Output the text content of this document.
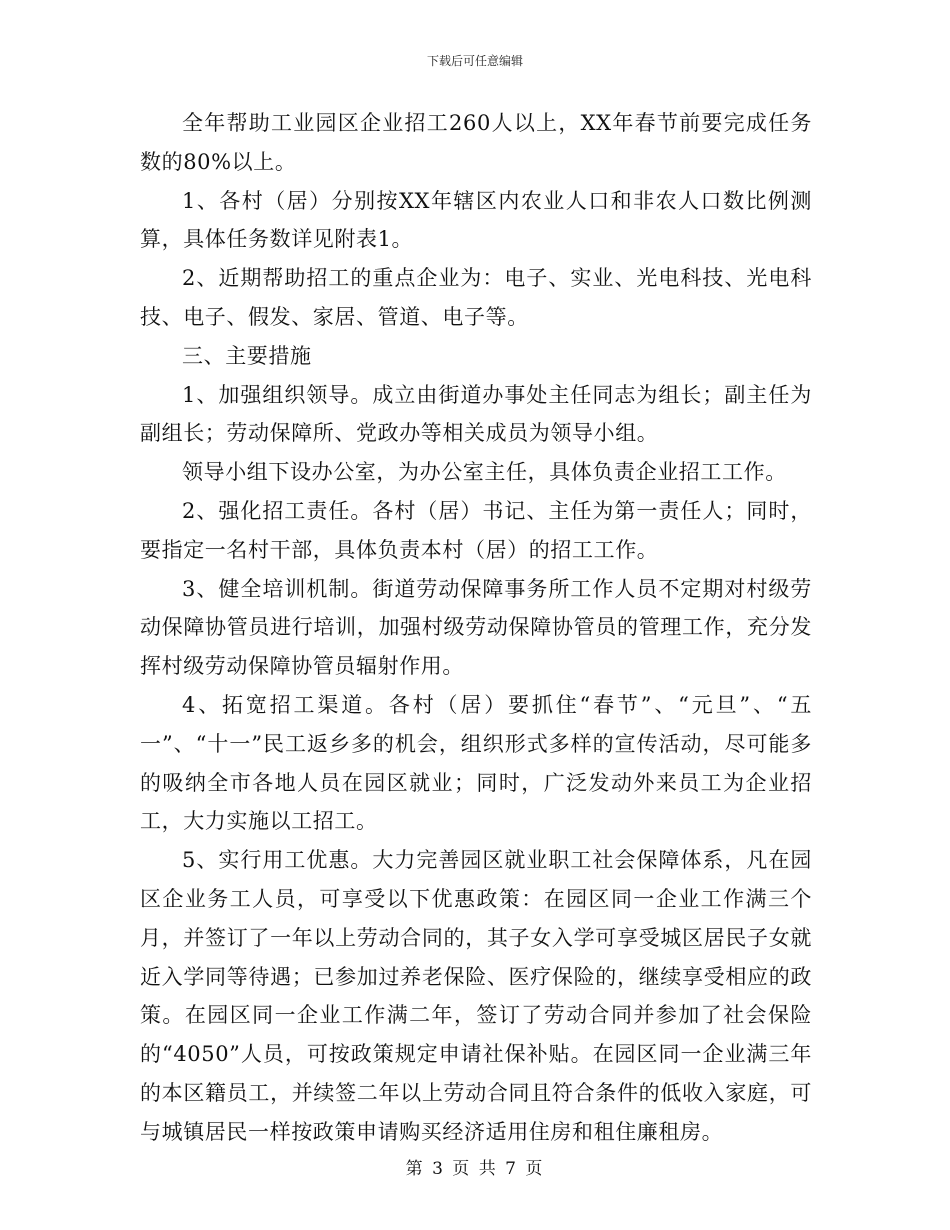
下载后可任意编辑

全年帮助工业园区企业招工260人以上，XX年春节前要完成任务数的80%以上。

1、各村（居）分别按XX年辖区内农业人口和非农人口数比例测算，具体任务数详见附表1。

2、近期帮助招工的重点企业为：电子、实业、光电科技、光电科技、电子、假发、家居、管道、电子等。

三、主要措施

1、加强组织领导。成立由街道办事处主任同志为组长；副主任为副组长；劳动保障所、党政办等相关成员为领导小组。

领导小组下设办公室，为办公室主任，具体负责企业招工工作。

2、强化招工责任。各村（居）书记、主任为第一责任人；同时，要指定一名村干部，具体负责本村（居）的招工工作。

3、健全培训机制。街道劳动保障事务所工作人员不定期对村级劳动保障协管员进行培训，加强村级劳动保障协管员的管理工作，充分发挥村级劳动保障协管员辐射作用。

4、拓宽招工渠道。各村（居）要抓住“春节”、“元旦”、“五一”、“十一”民工返乡多的机会，组织形式多样的宣传活动，尽可能多的吸纳全市各地人员在园区就业；同时，广泛发动外来员工为企业招工，大力实施以工招工。

5、实行用工优惠。大力完善园区就业职工社会保障体系，凡在园区企业务工人员，可享受以下优惠政策：在园区同一企业工作满三个月，并签订了一年以上劳动合同的，其子女入学可享受城区居民子女就近入学同等待遇；已参加过养老保险、医疗保险的，继续享受相应的政策。在园区同一企业工作满二年，签订了劳动合同并参加了社会保险的“4050”人员，可按政策规定申请社保补贴。在园区同一企业满三年的本区籍员工，并续签二年以上劳动合同且符合条件的低收入家庭，可与城镇居民一样按政策申请购买经济适用住房和租住廉租房。

第 3 页 共 7 页
